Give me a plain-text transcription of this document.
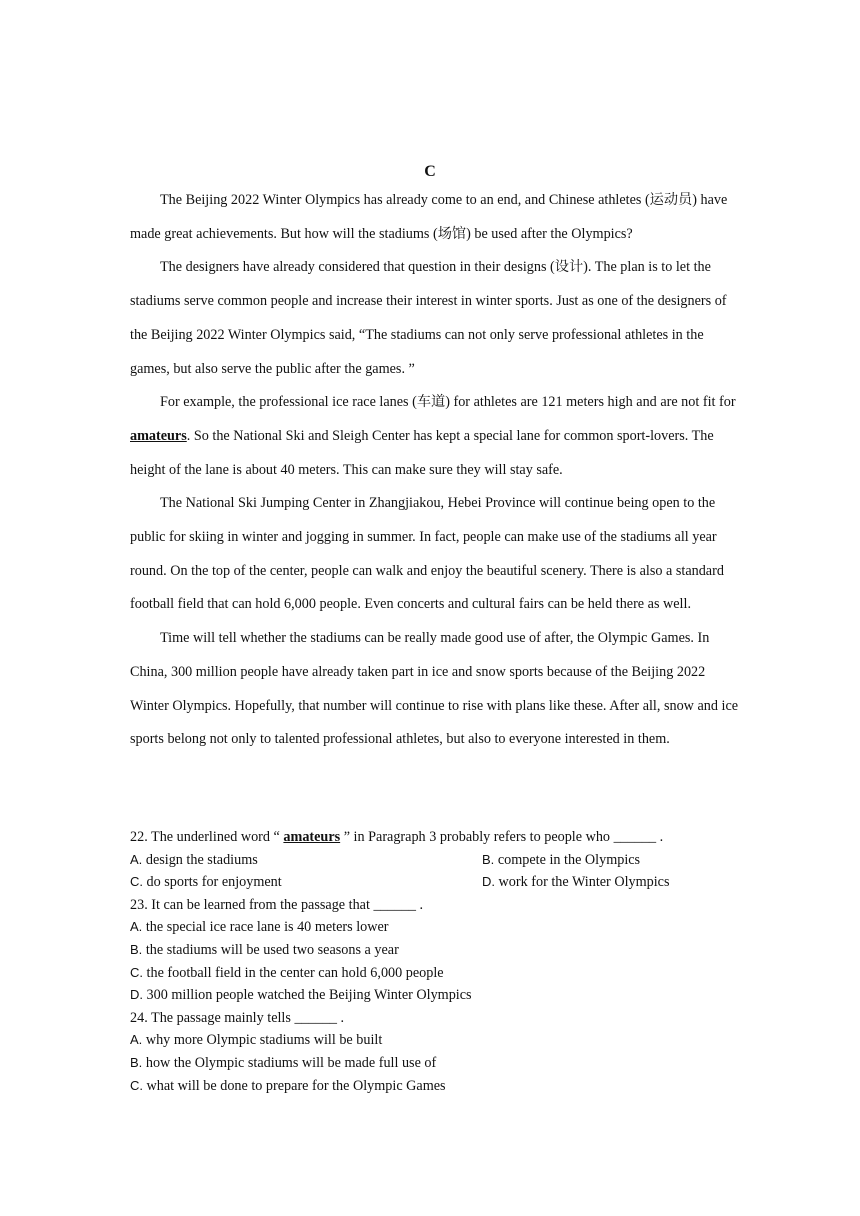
C

The Beijing 2022 Winter Olympics has already come to an end, and Chinese athletes (运动员) have made great achievements. But how will the stadiums (场馆) be used after the Olympics?

The designers have already considered that question in their designs (设计). The plan is to let the stadiums serve common people and increase their interest in winter sports. Just as one of the designers of the Beijing 2022 Winter Olympics said, “The stadiums can not only serve professional athletes in the games, but also serve the public after the games. ”

For example, the professional ice race lanes (车道) for athletes are 121 meters high and are not fit for amateurs. So the National Ski and Sleigh Center has kept a special lane for common sport-lovers. The height of the lane is about 40 meters. This can make sure they will stay safe.

The National Ski Jumping Center in Zhangjiakou, Hebei Province will continue being open to the public for skiing in winter and jogging in summer. In fact, people can make use of the stadiums all year round. On the top of the center, people can walk and enjoy the beautiful scenery. There is also a standard football field that can hold 6,000 people. Even concerts and cultural fairs can be held there as well.

Time will tell whether the stadiums can be really made good use of after, the Olympic Games. In China, 300 million people have already taken part in ice and snow sports because of the Beijing 2022 Winter Olympics. Hopefully, that number will continue to rise with plans like these. After all, snow and ice sports belong not only to talented professional athletes, but also to everyone interested in them.

22. The underlined word “ amateurs ” in Paragraph 3 probably refers to people who ______ .
A. design the stadiums	B. compete in the Olympics
C. do sports for enjoyment	D. work for the Winter Olympics
23. It can be learned from the passage that ______ .
A. the special ice race lane is 40 meters lower
B. the stadiums will be used two seasons a year
C. the football field in the center can hold 6,000 people
D. 300 million people watched the Beijing Winter Olympics
24. The passage mainly tells ______ .
A. why more Olympic stadiums will be built
B. how the Olympic stadiums will be made full use of
C. what will be done to prepare for the Olympic Games
